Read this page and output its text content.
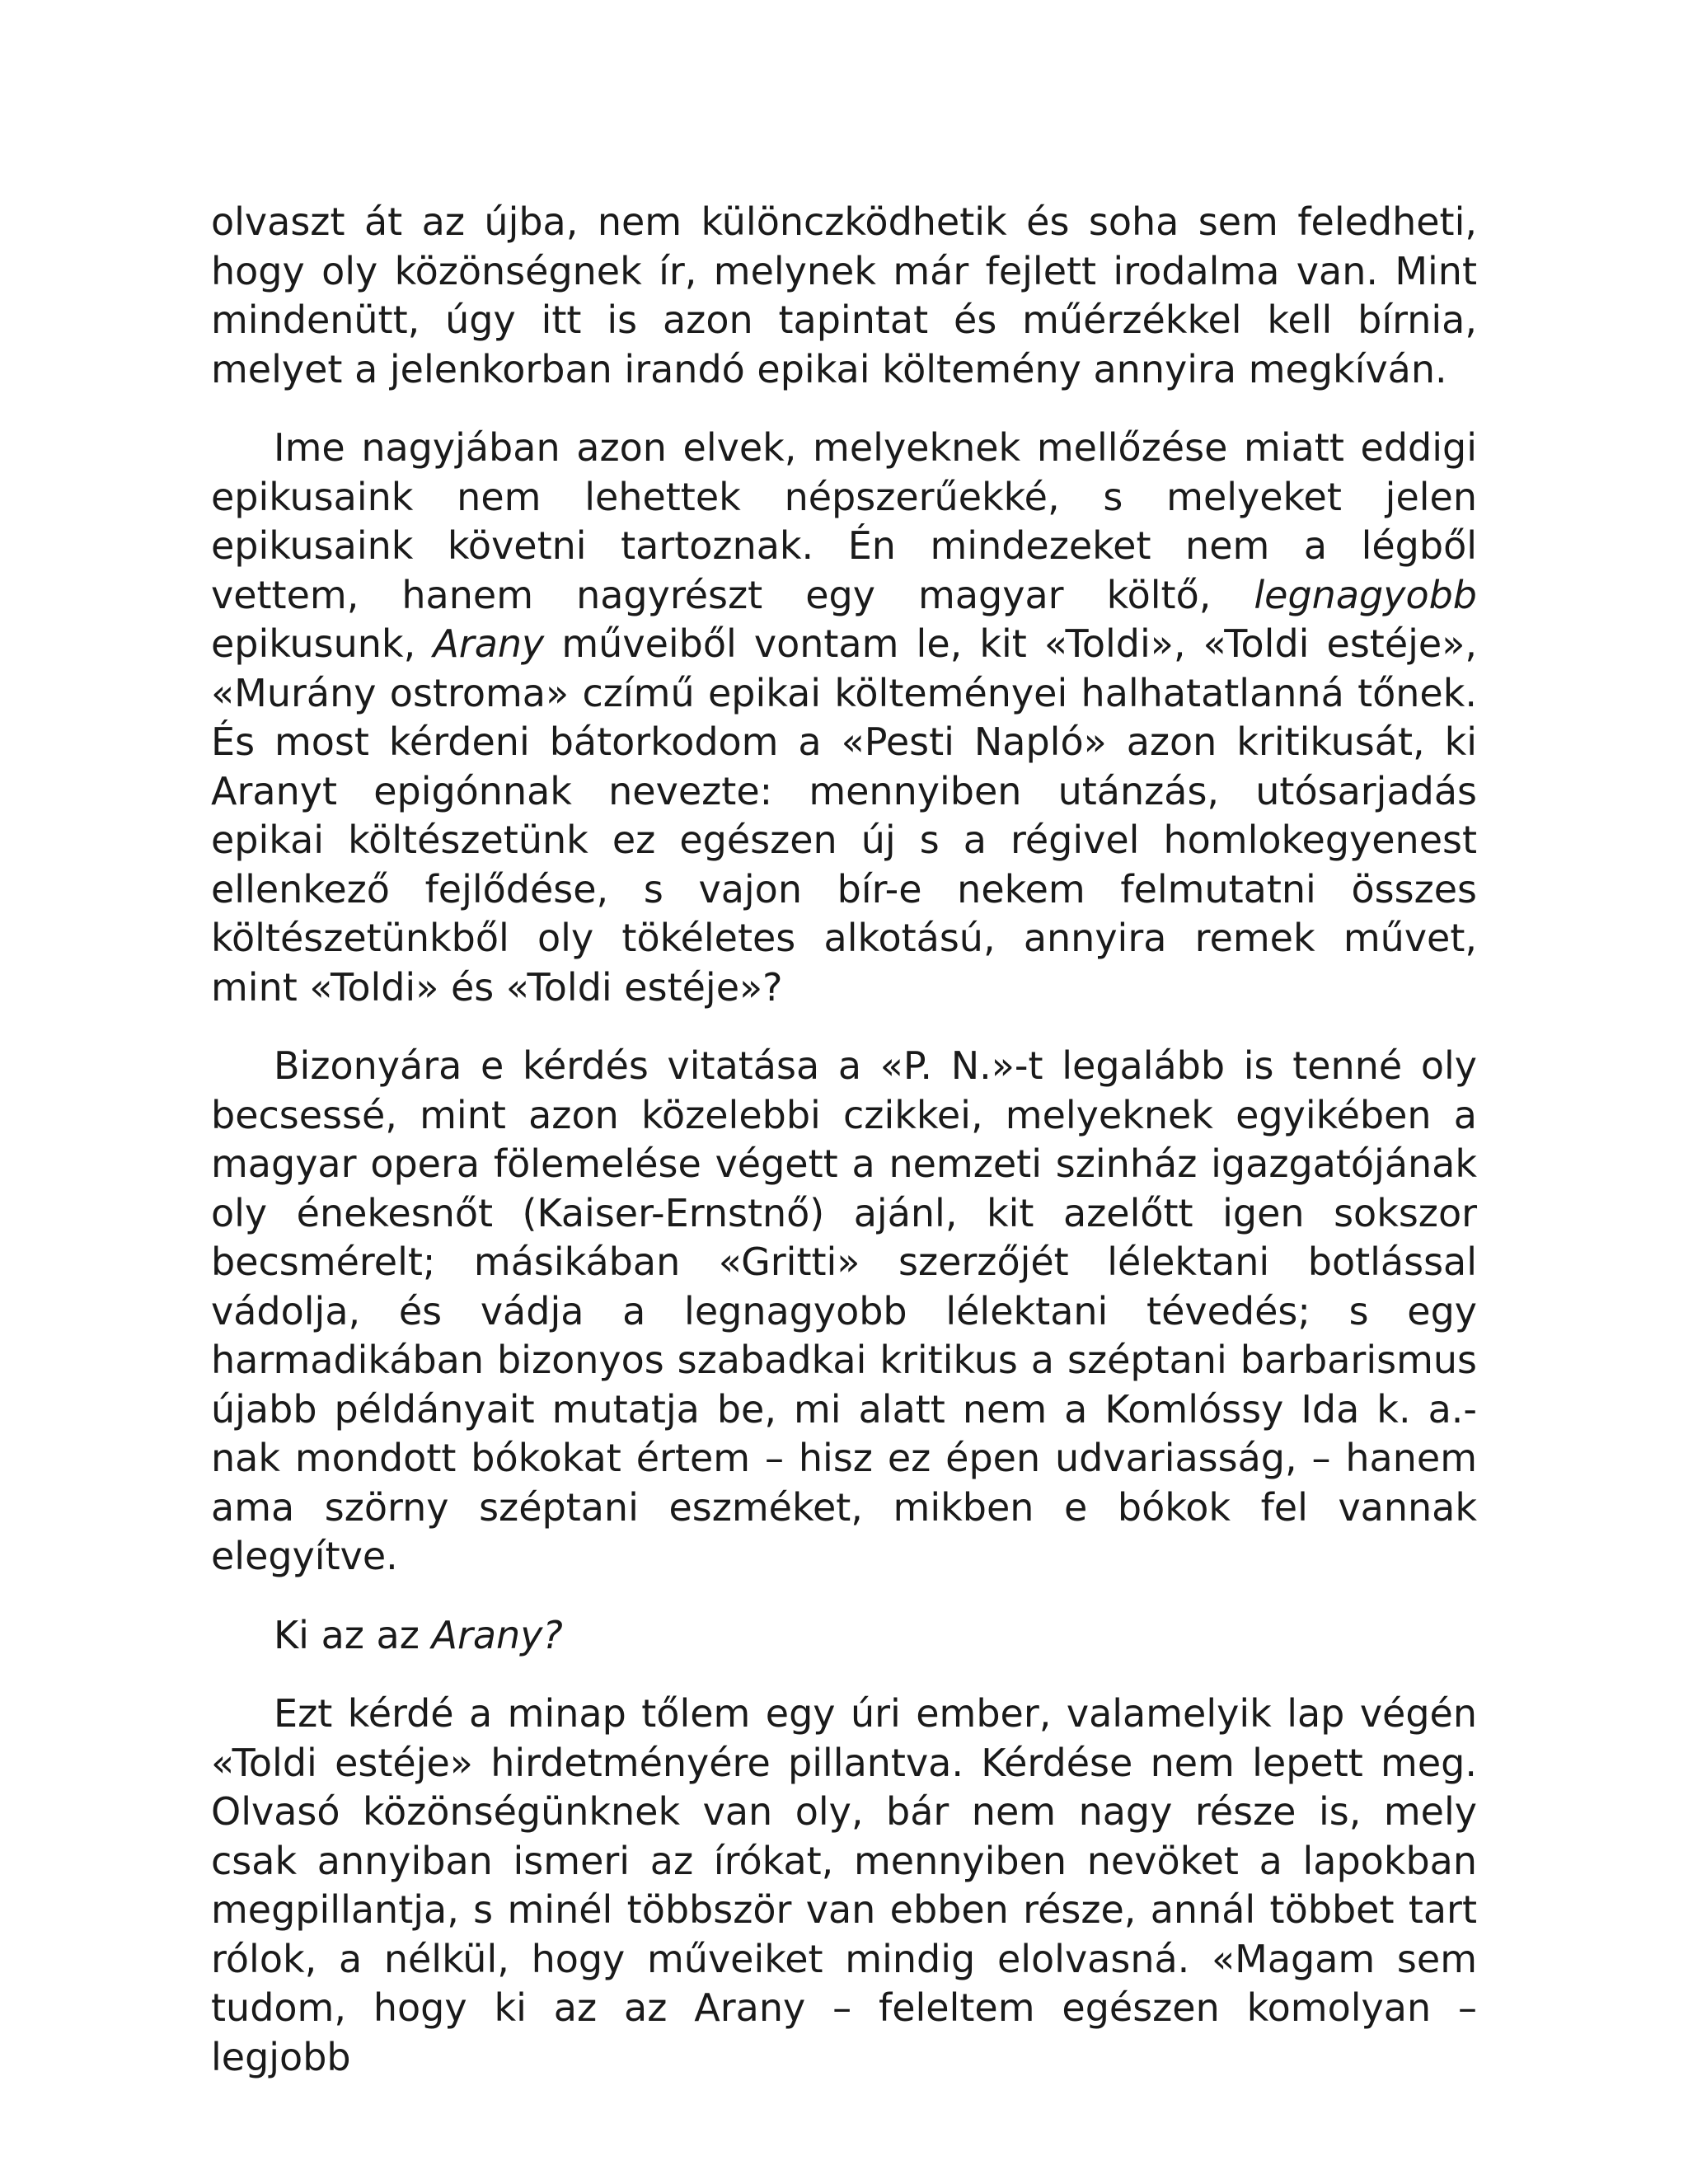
olvaszt át az újba, nem különczködhetik és soha sem feledheti, hogy oly közönségnek ír, melynek már fejlett irodalma van. Mint mindenütt, úgy itt is azon tapintat és műérzékkel kell bírnia, melyet a jelenkorban irandó epikai költemény annyira megkíván.

Ime nagyjában azon elvek, melyeknek mellőzése miatt eddigi epikusaink nem lehettek népszerűekké, s melyeket jelen epikusaink követni tartoznak. Én mindezeket nem a légből vettem, hanem nagyrészt egy magyar költő, legnagyobb epikusunk, Arany műveiből vontam le, kit «Toldi», «Toldi estéje», «Murány ostroma» czímű epikai költeményei halhatatlanná tőnek. És most kérdeni bátorkodom a «Pesti Napló» azon kritikusát, ki Aranyt epigónnak nevezte: mennyiben utánzás, utósarjadás epikai költészetünk ez egészen új s a régivel homlokegyenest ellenkező fejlődése, s vajon bír-e nekem felmutatni összes költészetünkből oly tökéletes alkotású, annyira remek művet, mint «Toldi» és «Toldi estéje»?

Bizonyára e kérdés vitatása a «P. N.»-t legalább is tenné oly becsessé, mint azon közelebbi czikkei, melyeknek egyikében a magyar opera fölemelése végett a nemzeti szinház igazgatójának oly énekesnőt (Kaiser-Ernstnő) ajánl, kit azelőtt igen sokszor becsmérelt; másikában «Gritti» szerzőjét lélektani botlással vádolja, és vádja a legnagyobb lélektani tévedés; s egy harmadikában bizonyos szabadkai kritikus a széptani barbarismus újabb példányait mutatja be, mi alatt nem a Komlóssy Ida k. a.-nak mondott bókokat értem – hisz ez épen udvariasság, – hanem ama szörny széptani eszméket, mikben e bókok fel vannak elegyítve.

Ki az az Arany?

Ezt kérdé a minap tőlem egy úri ember, valamelyik lap végén «Toldi estéje» hirdetményére pillantva. Kérdése nem lepett meg. Olvasó közönségünknek van oly, bár nem nagy része is, mely csak annyiban ismeri az írókat, mennyiben nevöket a lapokban megpillantja, s minél többször van ebben része, annál többet tart rólok, a nélkül, hogy műveiket mindig elolvasná. «Magam sem tudom, hogy ki az az Arany – feleltem egészen komolyan – legjobb
